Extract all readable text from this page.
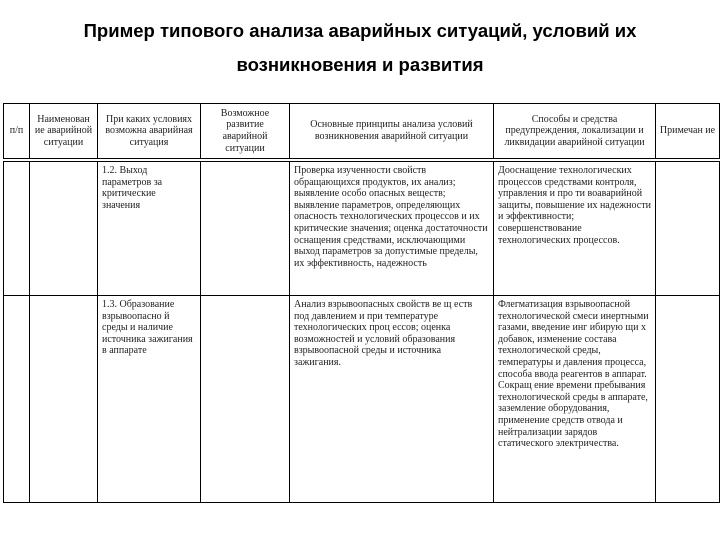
Пример типового анализа аварийных ситуаций, условий их
возникновения и развития
п/п	Наименован ие аварийной ситуации	При каких условиях возможна аварийная ситуация	Возможное развитие аварийной ситуации	Основные принципы анализа условий возникновения аварийной ситуации	Способы и средства предупреждения, локализации и ликвидации аварийной ситуации	Примечан ие
		1.2. Выход параметров за критические значения		Проверка изученности свойств обращающихся продуктов, их анализ; выявление особо опасных веществ; выявление параметров, определяющих опасность технологических процессов и их критические значения; оценка достаточности оснащения средствами, исключающими выход параметров за допустимые пределы, их эффективность, надежность	Дооснащение технологических процессов средствами контроля, управления и про ти воаварийной защиты, повышение их надежности и эффективности; совершенствование технологических процессов.	
		1.3. Образование взрывоопасно й среды и наличие источника зажигания в аппарате		Анализ взрывоопасных свойств ве щ еств под давлением и при температуре технологических проц ессов; оценка возможностей и условий образования взрывоопасной среды и источника зажигания.	Флегматизация взрывоопасной технологической смеси инертными газами, введение инг ибирую щи х добавок, изменение состава технологической среды, температуры и давления процесса, способа ввода реагентов в аппарат. Сокращ ение времени пребывания технологической среды в аппарате, заземление оборудования, применение средств отвода и нейтрализации зарядов статического электричества.	
